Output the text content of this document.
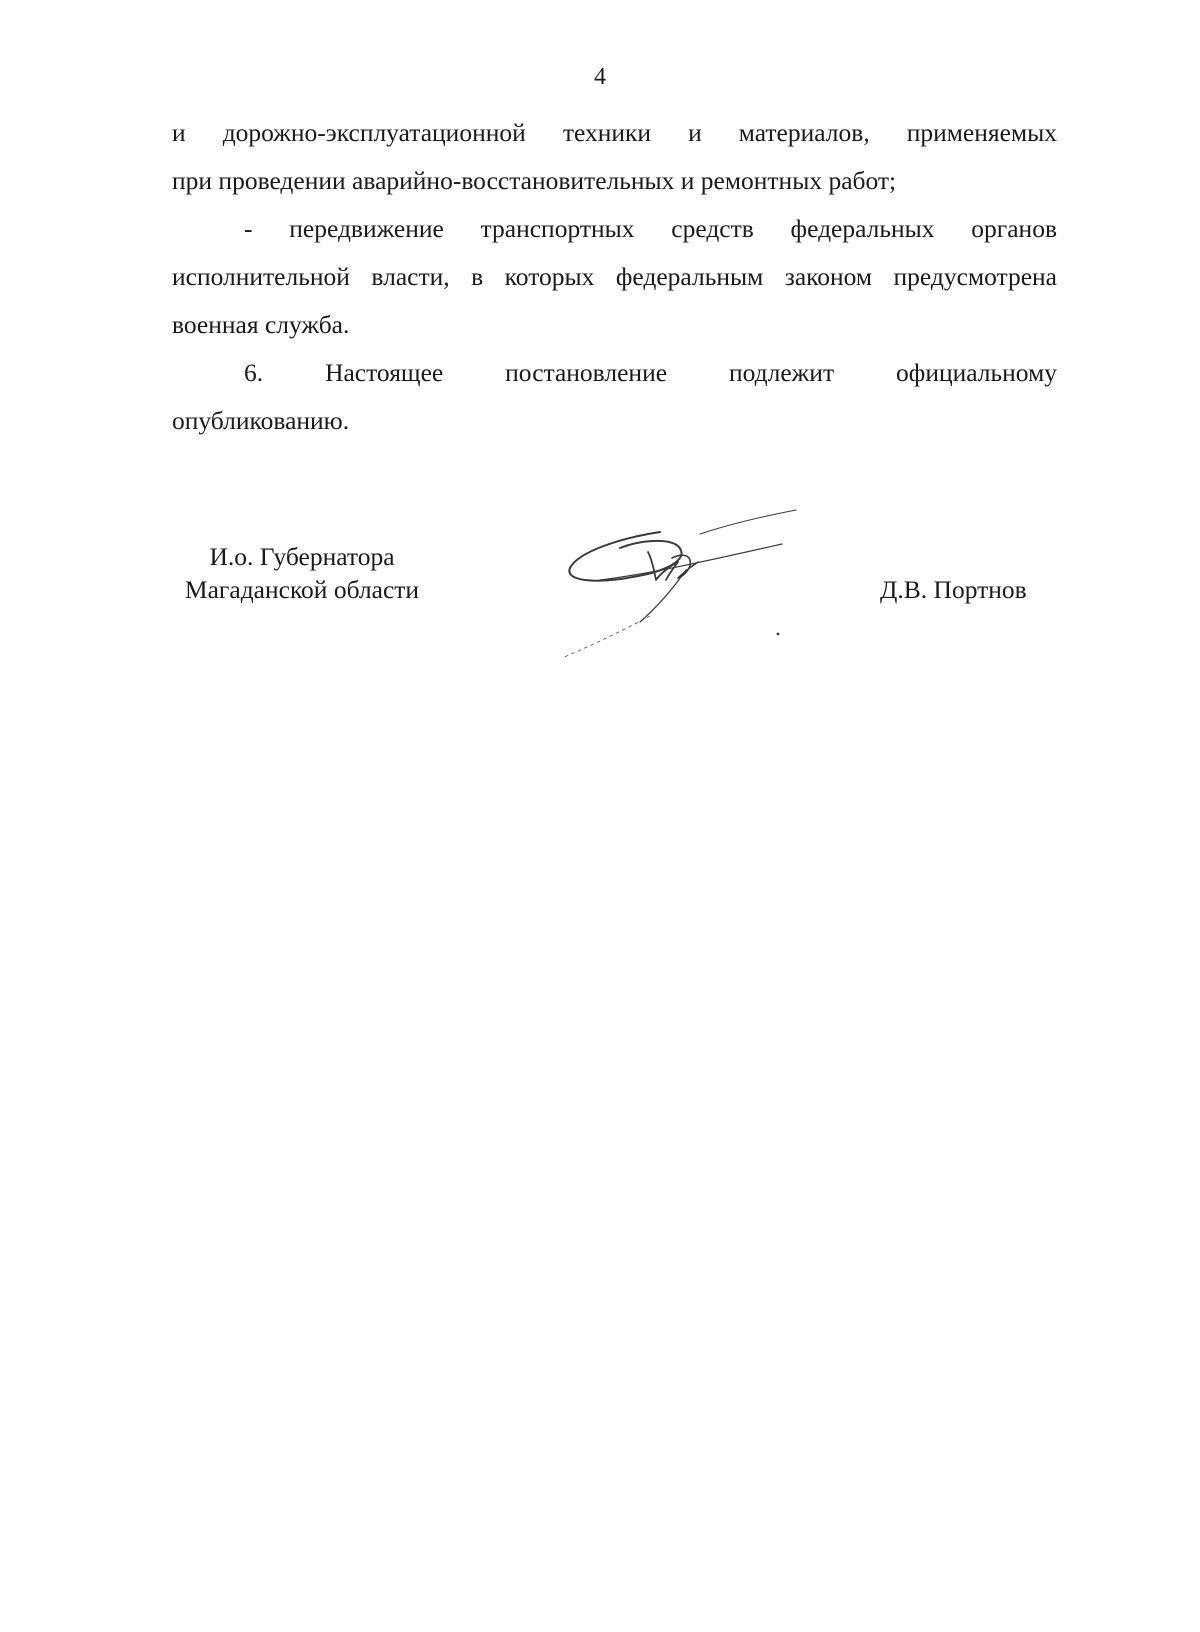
4
и дорожно-эксплуатационной техники и материалов, применяемых

при проведении аварийно-восстановительных и ремонтных работ;

- передвижение транспортных средств федеральных органов исполнительной власти, в которых федеральным законом предусмотрена военная служба.

6. Настоящее постановление подлежит официальному

опубликованию.

И.о. Губернатора
Магаданской области	Д.В. Портнов
